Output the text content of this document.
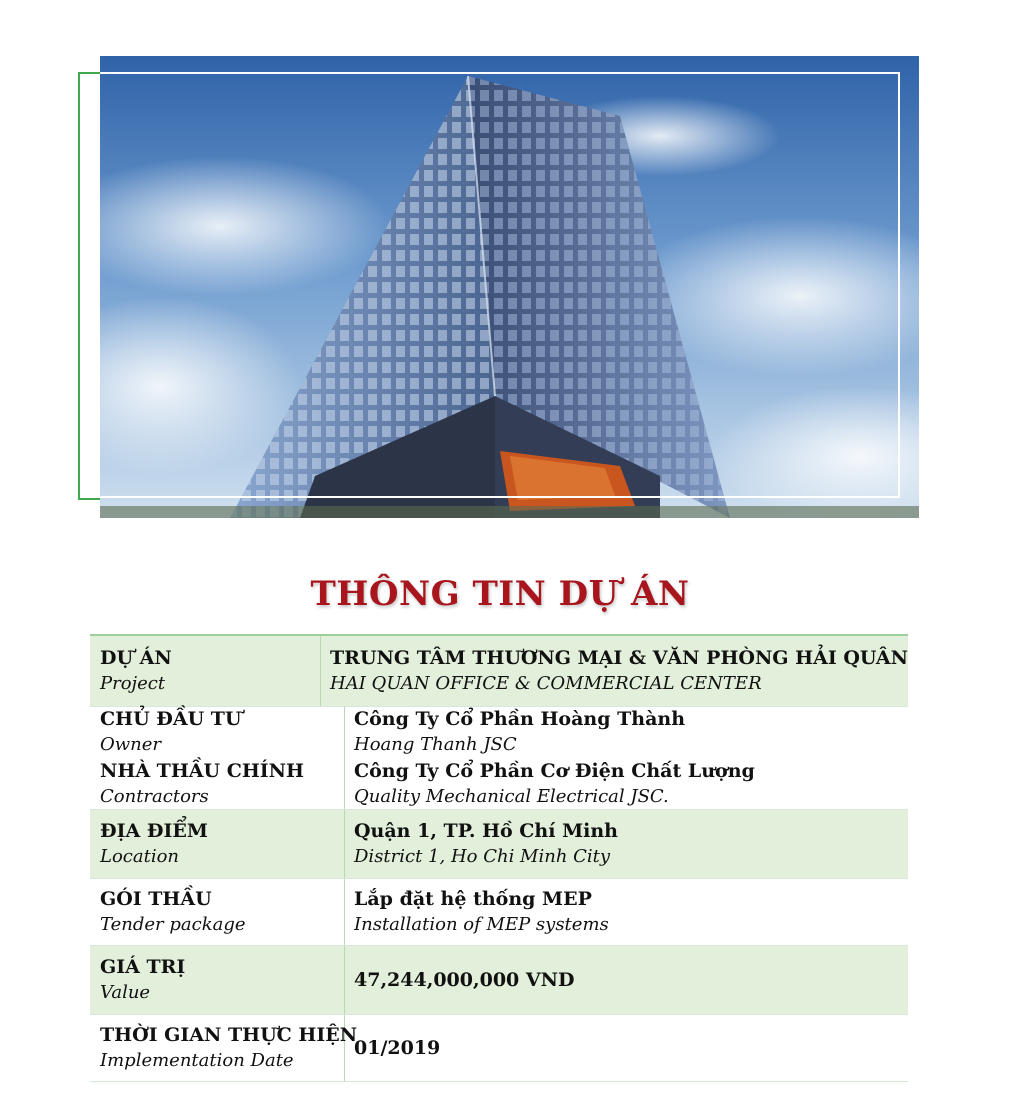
THÔNG TIN DỰ ÁN
DỰ ÁN
Project
TRUNG TÂM THƯƠNG MẠI & VĂN PHÒNG HẢI QUÂN
HAI QUAN OFFICE & COMMERCIAL CENTER
CHỦ ĐẦU TƯ
Owner
NHÀ THẦU CHÍNH
Contractors
Công Ty Cổ Phần Hoàng Thành
Hoang Thanh JSC
Công Ty Cổ Phần Cơ Điện Chất Lượng
Quality Mechanical Electrical JSC.
ĐỊA ĐIỂM
Location
Quận 1, TP. Hồ Chí Minh
District 1, Ho Chi Minh City
GÓI THẦU
Tender package
Lắp đặt hệ thống MEP
Installation of MEP systems
GIÁ TRỊ
Value
47,244,000,000 VND
THỜI GIAN THỰC HIỆN
Implementation Date
01/2019
